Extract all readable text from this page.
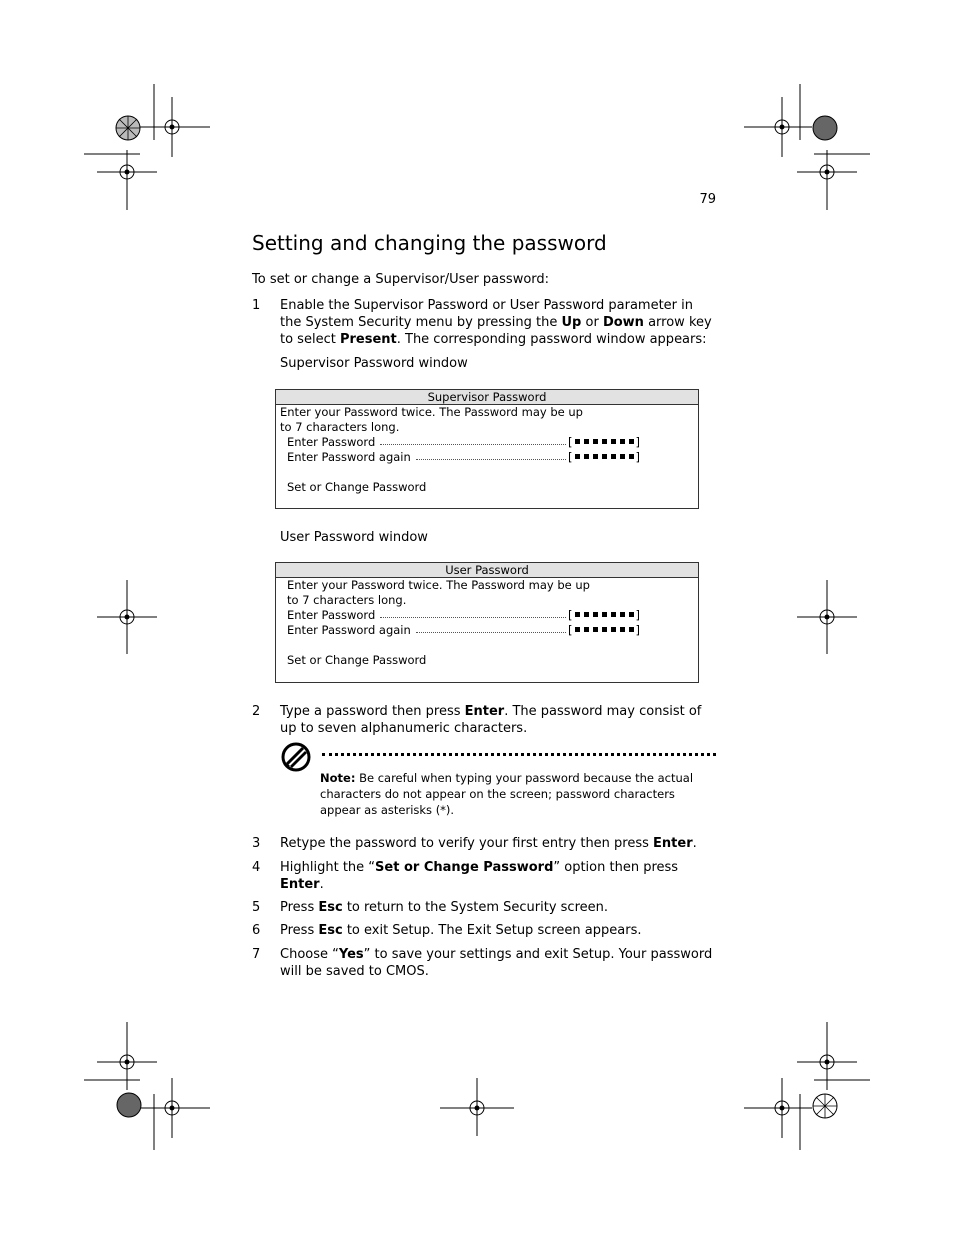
79
Setting and changing the password
To set or change a Supervisor/User password:
1 Enable the Supervisor Password or User Password parameter in the System Security menu by pressing the Up or Down arrow key to select Present. The corresponding password window appears:
Supervisor Password window
Supervisor Password
Enter your Password twice. The Password may be up
to 7 characters long.
Enter Password	[	]
Enter Password again	[	]
Set or Change Password
User Password window
User Password
Enter your Password twice. The Password may be up
to 7 characters long.
Enter Password	[	]
Enter Password again	[	]
Set or Change Password
2 Type a password then press Enter. The password may consist of up to seven alphanumeric characters.
Note: Be careful when typing your password because the actual characters do not appear on the screen; password characters appear as asterisks (*).
3 Retype the password to verify your first entry then press Enter.
4 Highlight the “Set or Change Password” option then press Enter.
5 Press Esc to return to the System Security screen.
6 Press Esc to exit Setup. The Exit Setup screen appears.
7 Choose “Yes” to save your settings and exit Setup. Your password will be saved to CMOS.
